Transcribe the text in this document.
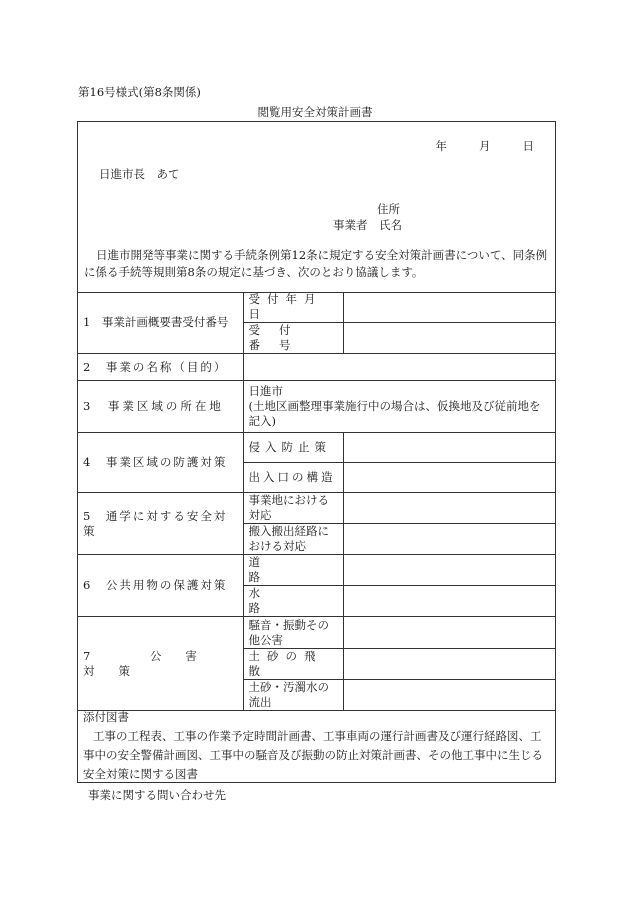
第16号様式(第8条関係)
閲覧用安全対策計画書
年	月	日
日進市長　あて
住所
事業者　氏名
日進市開発等事業に関する手続条例第12条に規定する安全対策計画書について、同条例に係る手続等規則第8条の規定に基づき、次のとおり協議します。
1　事業計画概要書受付番号	受付年月日	
	受付番号	
2　事業の名称（目的）		
3　事業区域の所在地	日進市
(土地区画整理事業施行中の場合は、仮換地及び従前地を記入)	

4　事業区域の防護対策	侵入防止策	
	出入口の構造	
5　通学に対する安全対策	事業地における対応	
	搬入搬出経路における対応	
6　公共用物の保護対策	道路	

	水路	

7　公害対策	騒音・振動その他公害	
	土砂の飛散	
	土砂・汚濁水の流出	
添付図書
工事の工程表、工事の作業予定時間計画書、工事車両の運行計画書及び運行経路図、工事中の安全警備計画図、工事中の騒音及び振動の防止対策計画書、その他工事中に生じる安全対策に関する図書
事業に関する問い合わせ先
